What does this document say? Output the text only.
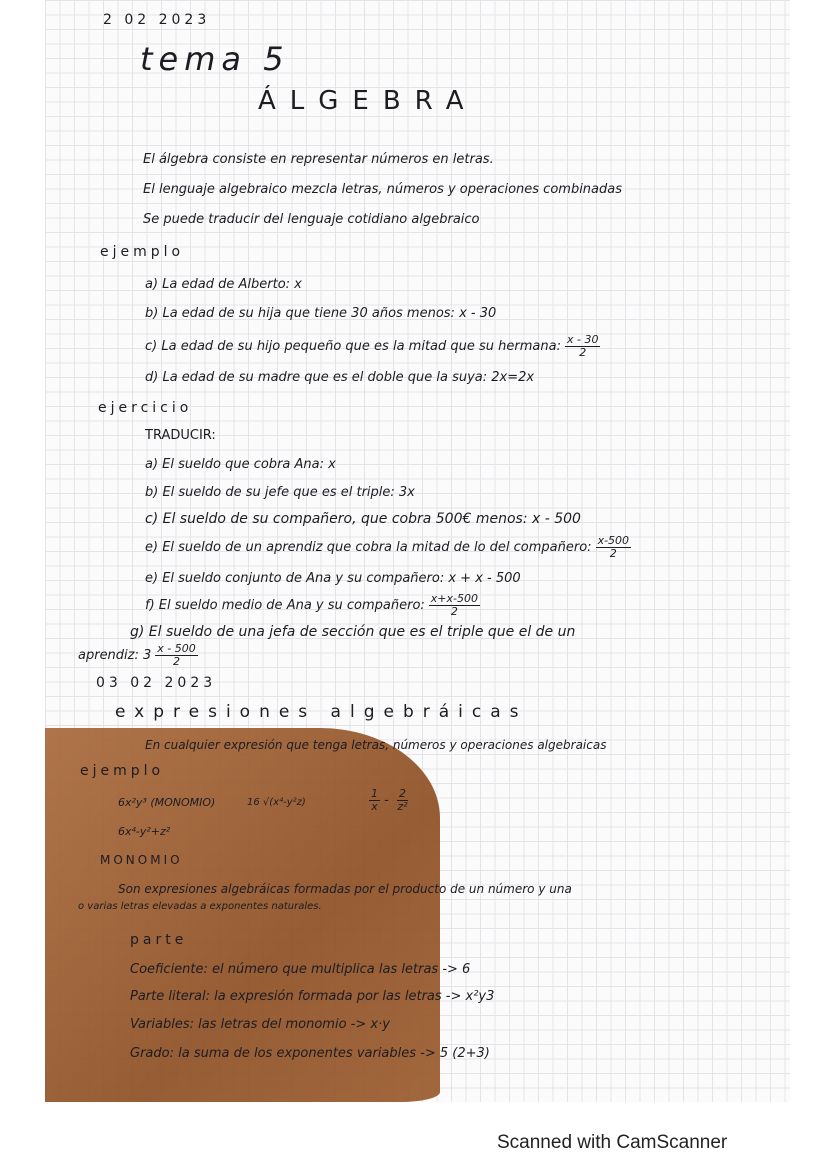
2 02 2023
tema 5
ÁLGEBRA
El álgebra consiste en representar números en letras.
El lenguaje algebraico mezcla letras, números y operaciones combinadas
Se puede traducir del lenguaje cotidiano algebraico
ejemplo
a) La edad de Alberto: x
b) La edad de su hija que tiene 30 años menos: x - 30
c) La edad de su hijo pequeño que es la mitad que su hermana: $\frac{x - 30}{2}$
d) La edad de su madre que es el doble que la suya: 2x=2x
ejercicio
TRADUCIR:
a) El sueldo que cobra Ana: x
b) El sueldo de su jefe que es el triple: 3x
c) El sueldo de su compañero, que cobra 500€ menos: x - 500
e) El sueldo de un aprendiz que cobra la mitad de lo del compañero: $\frac{x-500}{2}$
e) El sueldo conjunto de Ana y su compañero: x + x - 500
f) El sueldo medio de Ana y su compañero: $\frac{x+x-500}{2}$
g) El sueldo de una jefa de sección que es el triple que el de un
aprendiz: $3 \frac{x - 500}{2}$
03 02 2023
expresiones algebráicas
En cualquier expresión que tenga letras, números y operaciones algebraicas
ejemplo
6x²y³ (MONOMIO)	16 √(x⁴-y²z)	$\frac{1}{x} - \frac{2}{\text{z²}}$
6x⁴-y²+z²
MONOMIO
Son expresiones algebráicas formadas por el producto de un número y una
o varias letras elevadas a exponentes naturales.
parte
Coeficiente: el número que multiplica las letras -> 6
Parte literal: la expresión formada por las letras -> x²y3
Variables: las letras del monomio -> x·y
Grado: la suma de los exponentes variables -> 5 (2+3)
Scanned with CamScanner
